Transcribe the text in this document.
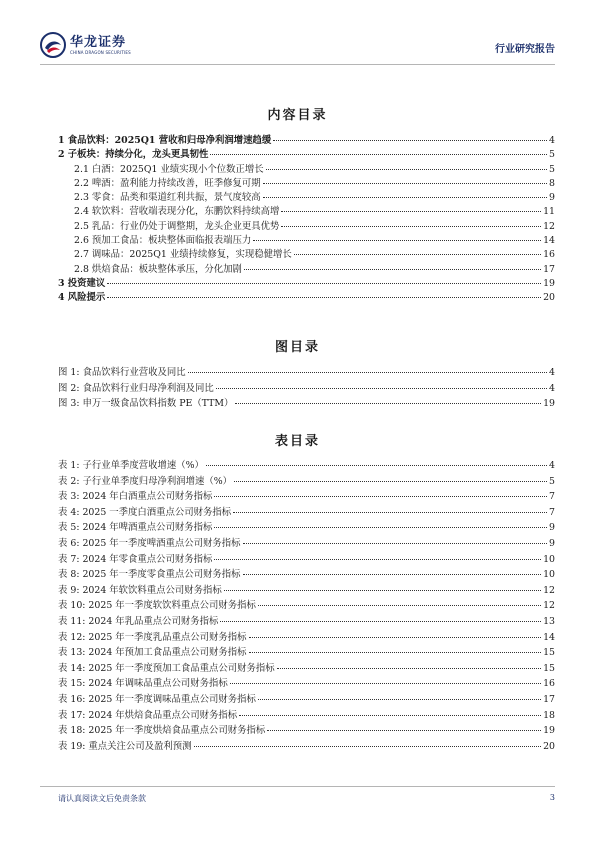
华龙证券
CHINA DRAGON SECURITIES	行业研究报告
内容目录
1 食品饮料：2025Q1 营收和归母净利润增速趋缓	4
2 子板块：持续分化，龙头更具韧性	5
2.1 白酒：2025Q1 业绩实现小个位数正增长	5
2.2 啤酒：盈利能力持续改善，旺季修复可期	8
2.3 零食：品类和渠道红利共振，景气度较高	9
2.4 软饮料：营收端表现分化，东鹏饮料持续高增	11
2.5 乳品：行业仍处于调整期，龙头企业更具优势	12
2.6 预加工食品：板块整体面临报表端压力	14
2.7 调味品：2025Q1 业绩持续修复，实现稳健增长	16
2.8 烘焙食品：板块整体承压，分化加剧	17
3 投资建议	19
4 风险提示	20
图目录
图 1: 食品饮料行业营收及同比	4
图 2: 食品饮料行业归母净利润及同比	4
图 3: 申万一级食品饮料指数 PE（TTM）	19
表目录
表 1: 子行业单季度营收增速（%）	4
表 2: 子行业单季度归母净利润增速（%）	5
表 3: 2024 年白酒重点公司财务指标	7
表 4: 2025 一季度白酒重点公司财务指标	7
表 5: 2024 年啤酒重点公司财务指标	9
表 6: 2025 年一季度啤酒重点公司财务指标	9
表 7: 2024 年零食重点公司财务指标	10
表 8: 2025 年一季度零食重点公司财务指标	10
表 9: 2024 年软饮料重点公司财务指标	12
表 10: 2025 年一季度软饮料重点公司财务指标	12
表 11: 2024 年乳品重点公司财务指标	13
表 12: 2025 年一季度乳品重点公司财务指标	14
表 13: 2024 年预加工食品重点公司财务指标	15
表 14: 2025 年一季度预加工食品重点公司财务指标	15
表 15: 2024 年调味品重点公司财务指标	16
表 16: 2025 年一季度调味品重点公司财务指标	17
表 17: 2024 年烘焙食品重点公司财务指标	18
表 18: 2025 年一季度烘焙食品重点公司财务指标	19
表 19: 重点关注公司及盈利预测	20
请认真阅读文后免责条款	3
